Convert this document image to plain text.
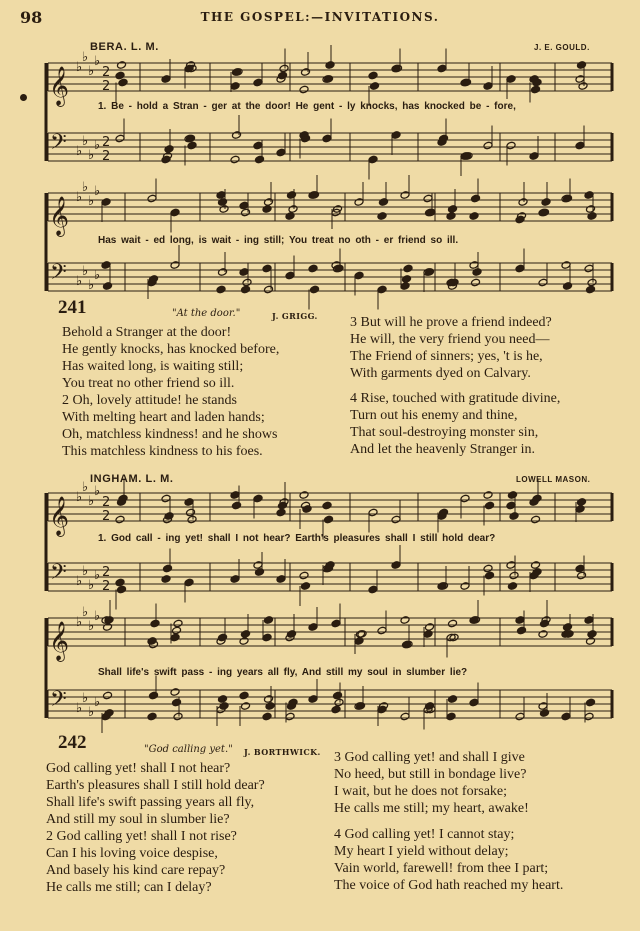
98	THE GOSPEL:—INVITATIONS.
𝄞 ♭
♭
♭
♭
2
2
𝄢 ♭
♭
♭
♭ 2
2
𝄞 ♭
♭
♭
♭
𝄢 ♭
♭
♭
♭
𝄞 ♭
♭
♭
♭
2
2
𝄢 ♭
♭
♭
♭ 2
2
𝄞 ♭
♭
♭
♭
𝄢 ♭
♭
♭
♭
BERA. L. M.	J. E. GOULD.
1. Be - hold a Stran - ger at the door! He gent - ly knocks, has knocked be - fore,
Has wait - ed long, is wait - ing still; You treat no oth - er friend so ill.
241	"At the door."	J. GRIGG.
Behold a Stranger at the door!
He gently knocks, has knocked before,
Has waited long, is waiting still;
You treat no other friend so ill.
2 Oh, lovely attitude! he stands
With melting heart and laden hands;
Oh, matchless kindness! and he shows
This matchless kindness to his foes.
3 But will he prove a friend indeed?
He will, the very friend you need—
The Friend of sinners; yes, 't is he,
With garments dyed on Calvary.
4 Rise, touched with gratitude divine,
Turn out his enemy and thine,
That soul-destroying monster sin,
And let the heavenly Stranger in.
INGHAM. L. M.	LOWELL MASON.
1. God call - ing yet! shall I not hear? Earth's pleasures shall I still hold dear?
Shall life's swift pass - ing years all fly, And still my soul in slumber lie?
242	"God calling yet." J. BORTHWICK.
God calling yet! shall I not hear?
Earth's pleasures shall I still hold dear?
Shall life's swift passing years all fly,
And still my soul in slumber lie?
2 God calling yet! shall I not rise?
Can I his loving voice despise,
And basely his kind care repay?
He calls me still; can I delay?
3 God calling yet! and shall I give
No heed, but still in bondage live?
I wait, but he does not forsake;
He calls me still; my heart, awake!
4 God calling yet! I cannot stay;
My heart I yield without delay;
Vain world, farewell! from thee I part;
The voice of God hath reached my heart.
